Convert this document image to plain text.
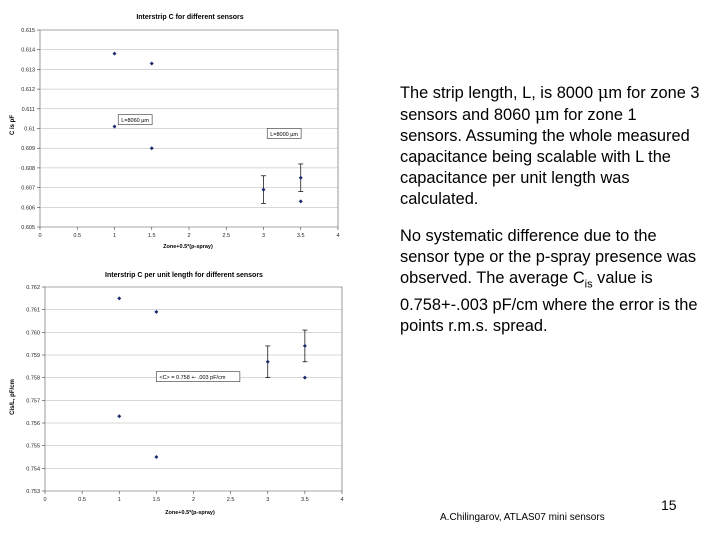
Interstrip C for different sensors
C is pF
Zone+0.5*(p-spray)
0.605
0.606
0.607
0.608
0.609
0.61
0.611
0.612
0.613
0.614
0.615
0	0.5	1	1.5	2	2.5	3	3.5	4
L=8060 µm
L=8000 µm
Interstrip C per unit length for different sensors
Cis/L, pF/cm
Zone+0.5*(p-spray)
0.753
0.754
0.755
0.756
0.757
0.758
0.759
0.760
0.761
0.762
0	0.5	1	1.5	2	2.5	3	3.5	4
<C> = 0.758 +- .003 pF/cm

The strip length, L, is 8000 μm for zone 3 sensors and 8060 μm for zone 1 sensors. Assuming the whole measured capacitance being scalable with L the capacitance per unit length was calculated.

No systematic difference due to the sensor type or the p-spray presence was observed. The average $C_{is}$ value is 0.758+-.003 pF/cm where the error is the points r.m.s. spread.

15
A.Chilingarov, ATLAS07 mini sensors
